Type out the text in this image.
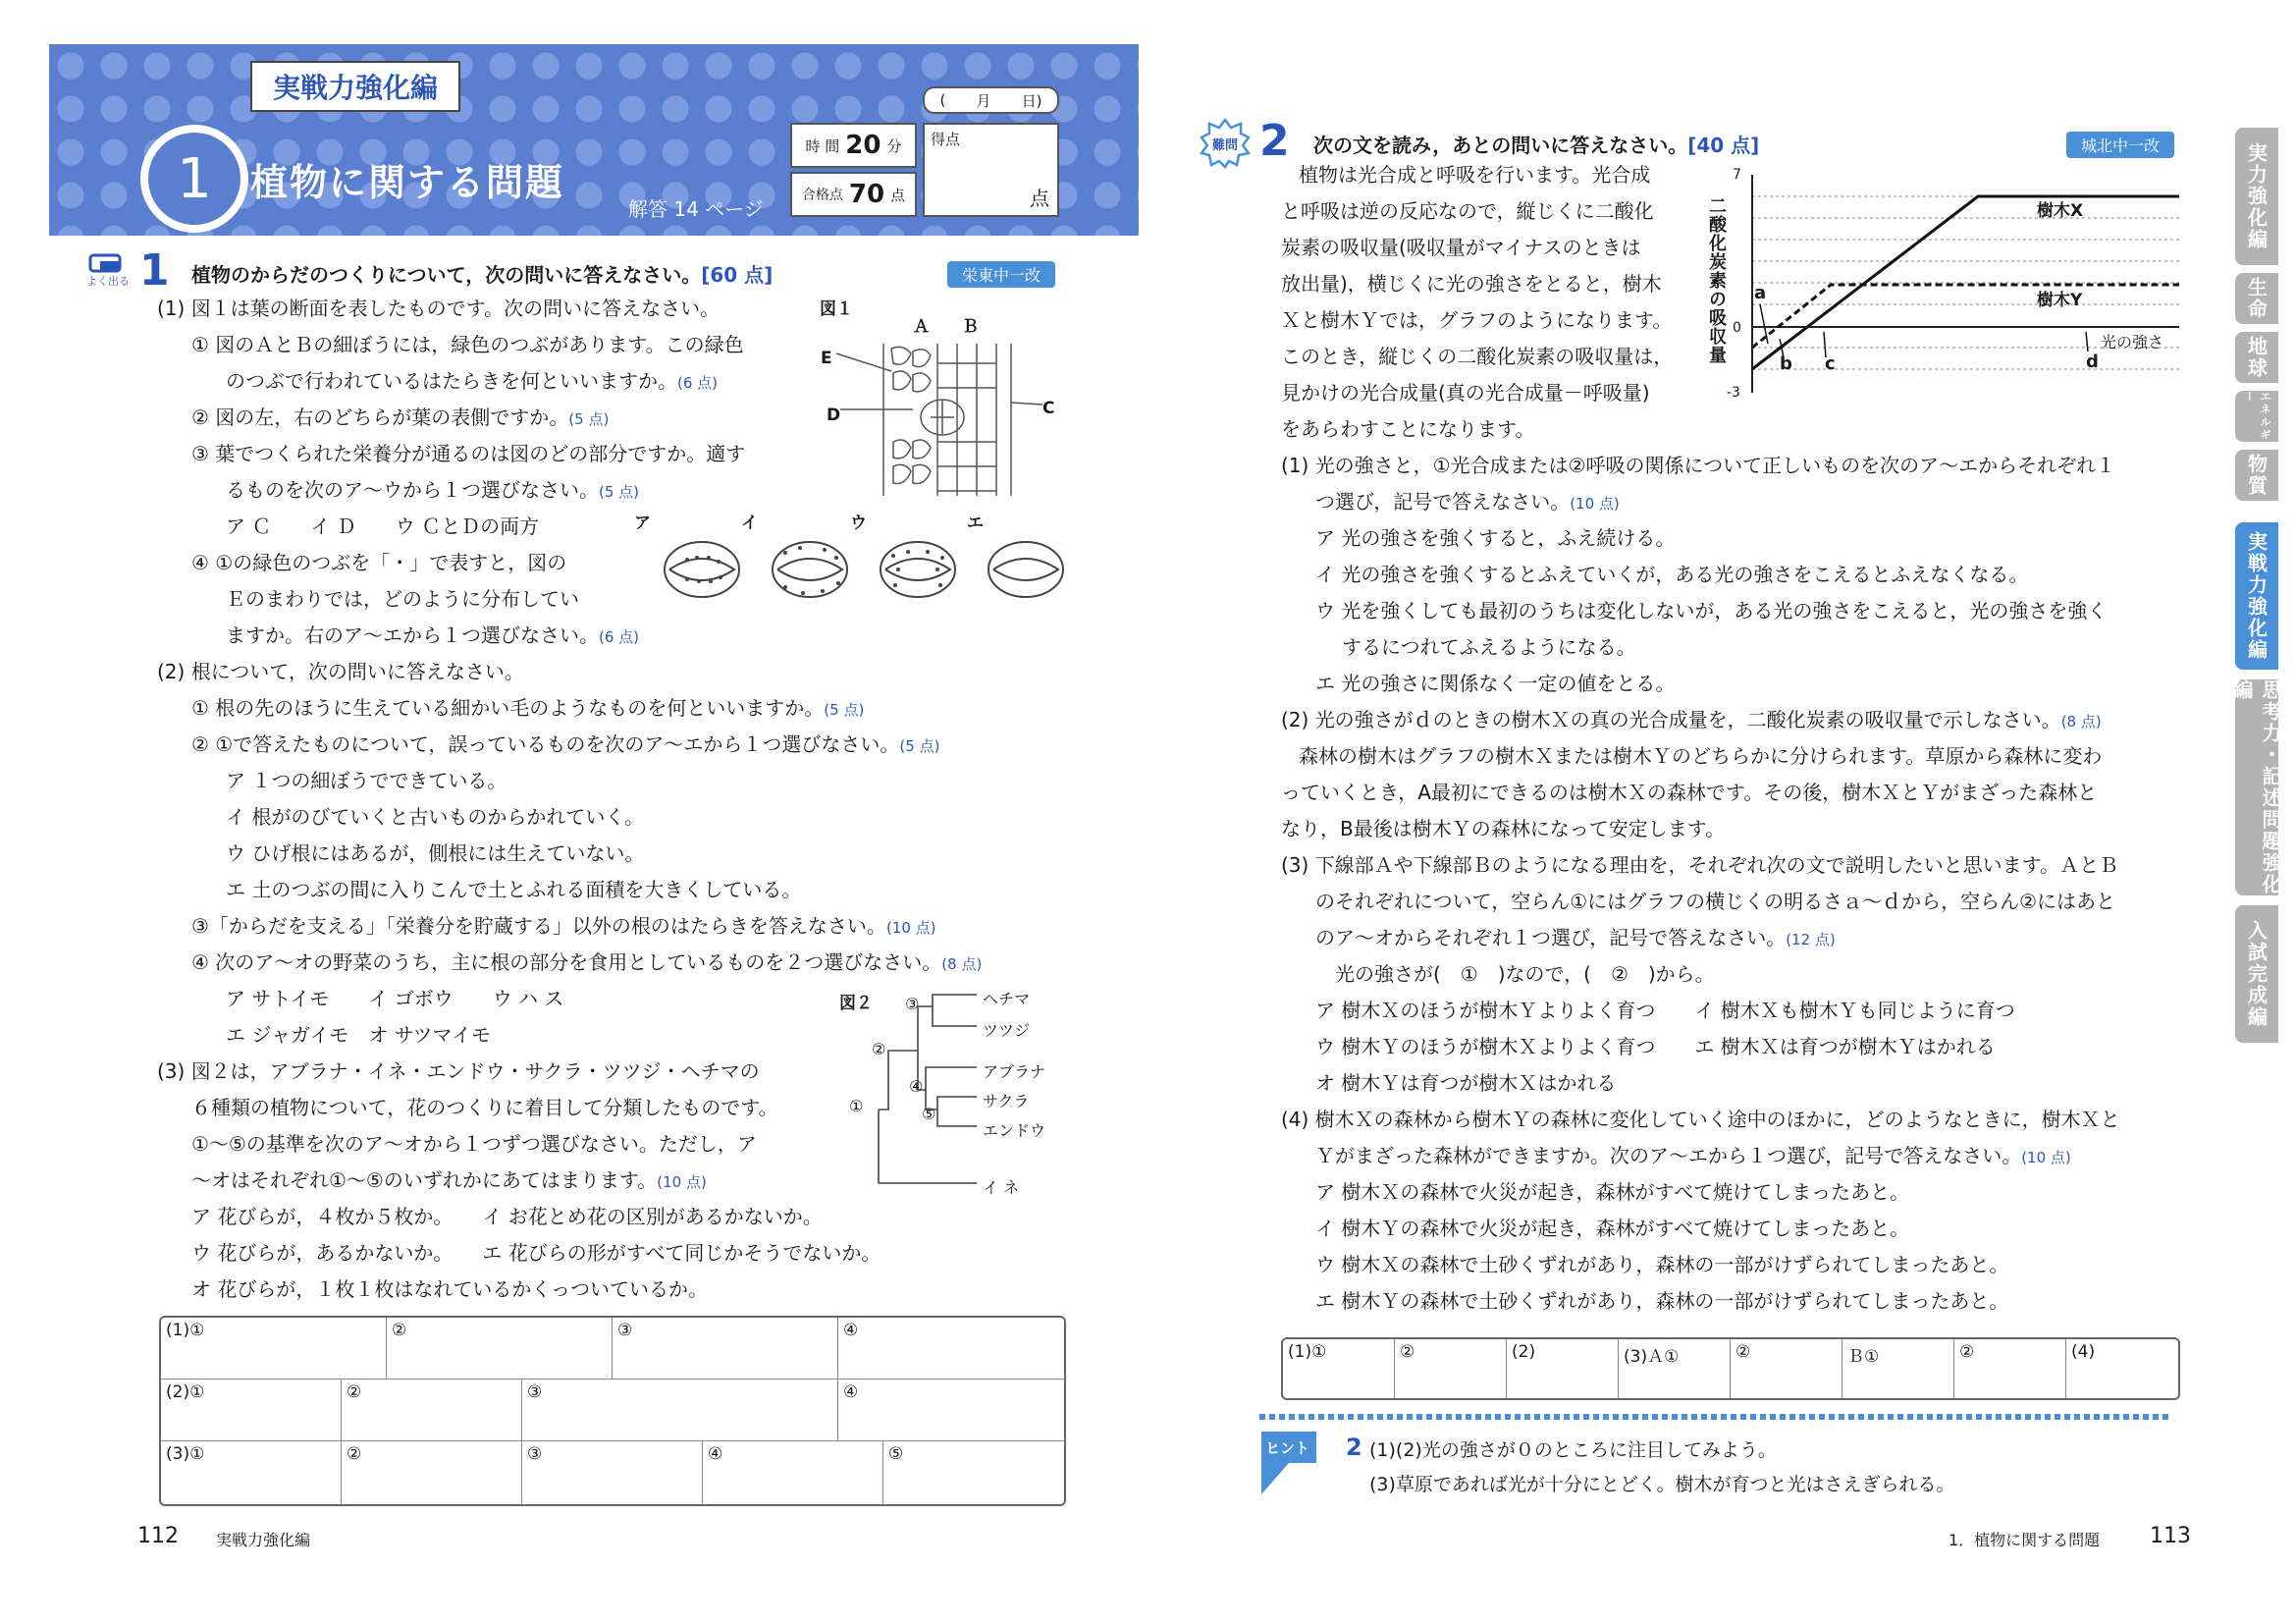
実戦力強化編
1	植物に関する問題
解答 14 ページ
時 間 20 分
合格点 70 点
( 月 日)
得点
点
よく出る 1 植物のからだのつくりについて，次の問いに答えなさい。[60 点]	栄東中一改
(1) 図１は葉の断面を表したものです。次の問いに答えなさい。
① 図のＡとＢの細ぼうには，緑色のつぶがあります。この緑色
のつぶで行われているはたらきを何といいますか。(6 点)
② 図の左，右のどちらが葉の表側ですか。(5 点)
③ 葉でつくられた栄養分が通るのは図のどの部分ですか。適す
るものを次のア～ウから１つ選びなさい。(5 点)
ア Ｃ　　イ Ｄ　　ウ ＣとＤの両方
④ ①の緑色のつぶを「・」で表すと，図の
Ｅのまわりでは，どのように分布してい
ますか。右のア～エから１つ選びなさい。(6 点)
(2) 根について，次の問いに答えなさい。
① 根の先のほうに生えている細かい毛のようなものを何といいますか。(5 点)
② ①で答えたものについて，誤っているものを次のア～エから１つ選びなさい。(5 点)
ア １つの細ぼうでできている。
イ 根がのびていくと古いものからかれていく。
ウ ひげ根にはあるが，側根には生えていない。
エ 土のつぶの間に入りこんで土とふれる面積を大きくしている。
③「からだを支える」「栄養分を貯蔵する」以外の根のはたらきを答えなさい。(10 点)
④ 次のア～オの野菜のうち，主に根の部分を食用としているものを２つ選びなさい。(8 点)
ア サトイモ　　イ ゴボウ　　ウ ハ ス
エ ジャガイモ　オ サツマイモ
(3) 図２は，アブラナ・イネ・エンドウ・サクラ・ツツジ・ヘチマの
６種類の植物について，花のつくりに着目して分類したものです。
①～⑤の基準を次のア～オから１つずつ選びなさい。ただし，ア
～オはそれぞれ①～⑤のいずれかにあてはまります。(10 点)
ア 花びらが，４枚か５枚か。　　イ お花とめ花の区別があるかないか。
ウ 花びらが，あるかないか。　　エ 花びらの形がすべて同じかそうでないか。
オ 花びらが，１枚１枚はなれているかくっついているか。
図１
Ａ Ｂ
E
D	C
ア	イ	ウ	エ
図２
①
②
③
④
⑤
ヘチマ
ツツジ
アブラナ
サクラ
エンドウ
イ ネ
(1)①	②	③	④
(2)①	②	③	④
(3)①	②	③	④	⑤
112 実戦力強化編
難問 2 次の文を読み，あとの問いに答えなさい。[40 点]	城北中一改
植物は光合成と呼吸を行います。光合成
と呼吸は逆の反応なので，縦じくに二酸化
炭素の吸収量(吸収量がマイナスのときは
放出量)，横じくに光の強さをとると，樹木
Ｘと樹木Ｙでは，グラフのようになります。
このとき，縦じくの二酸化炭素の吸収量は，
見かけの光合成量(真の光合成量－呼吸量)
をあらわすことになります。
二酸化炭素の吸収量
7
0
-3
a
b c	d
樹木X
樹木Y
光の強さ
(1) 光の強さと，①光合成または②呼吸の関係について正しいものを次のア～エからそれぞれ１
つ選び，記号で答えなさい。(10 点)
ア 光の強さを強くすると，ふえ続ける。
イ 光の強さを強くするとふえていくが，ある光の強さをこえるとふえなくなる。
ウ 光を強くしても最初のうちは変化しないが，ある光の強さをこえると，光の強さを強く
するにつれてふえるようになる。
エ 光の強さに関係なく一定の値をとる。
(2) 光の強さがｄのときの樹木Ｘの真の光合成量を，二酸化炭素の吸収量で示しなさい。(8 点)
森林の樹木はグラフの樹木Ｘまたは樹木Ｙのどちらかに分けられます。草原から森林に変わ
っていくとき，A最初にできるのは樹木Ｘの森林です。その後，樹木ＸとＹがまざった森林と
なり，B最後は樹木Ｙの森林になって安定します。
(3) 下線部Ａや下線部Ｂのようになる理由を，それぞれ次の文で説明したいと思います。ＡとＢ
のそれぞれについて，空らん①にはグラフの横じくの明るさａ～ｄから，空らん②にはあと
のア～オからそれぞれ１つ選び，記号で答えなさい。(12 点)
光の強さが(　①　)なので，(　②　)から。
ア 樹木Ｘのほうが樹木Ｙよりよく育つ　　イ 樹木Ｘも樹木Ｙも同じように育つ
ウ 樹木Ｙのほうが樹木Ｘよりよく育つ　　エ 樹木Ｘは育つが樹木Ｙはかれる
オ 樹木Ｙは育つが樹木Ｘはかれる
(4) 樹木Ｘの森林から樹木Ｙの森林に変化していく途中のほかに，どのようなときに，樹木Ｘと
Ｙがまざった森林ができますか。次のア～エから１つ選び，記号で答えなさい。(10 点)
ア 樹木Ｘの森林で火災が起き，森林がすべて焼けてしまったあと。
イ 樹木Ｙの森林で火災が起き，森林がすべて焼けてしまったあと。
ウ 樹木Ｘの森林で土砂くずれがあり，森林の一部がけずられてしまったあと。
エ 樹木Ｙの森林で土砂くずれがあり，森林の一部がけずられてしまったあと。
(1)①	②	(2)	(3)Ａ①	②	Ｂ①	②	(4)
ヒント 2 (1)(2)光の強さが０のところに注目してみよう。
(3)草原であれば光が十分にとどく。樹木が育つと光はさえぎられる。
1．植物に関する問題 113
実力強化編
生命
地球
エネルギー
物質
実戦力強化編
思考力・記述問題強化編
入試完成編
